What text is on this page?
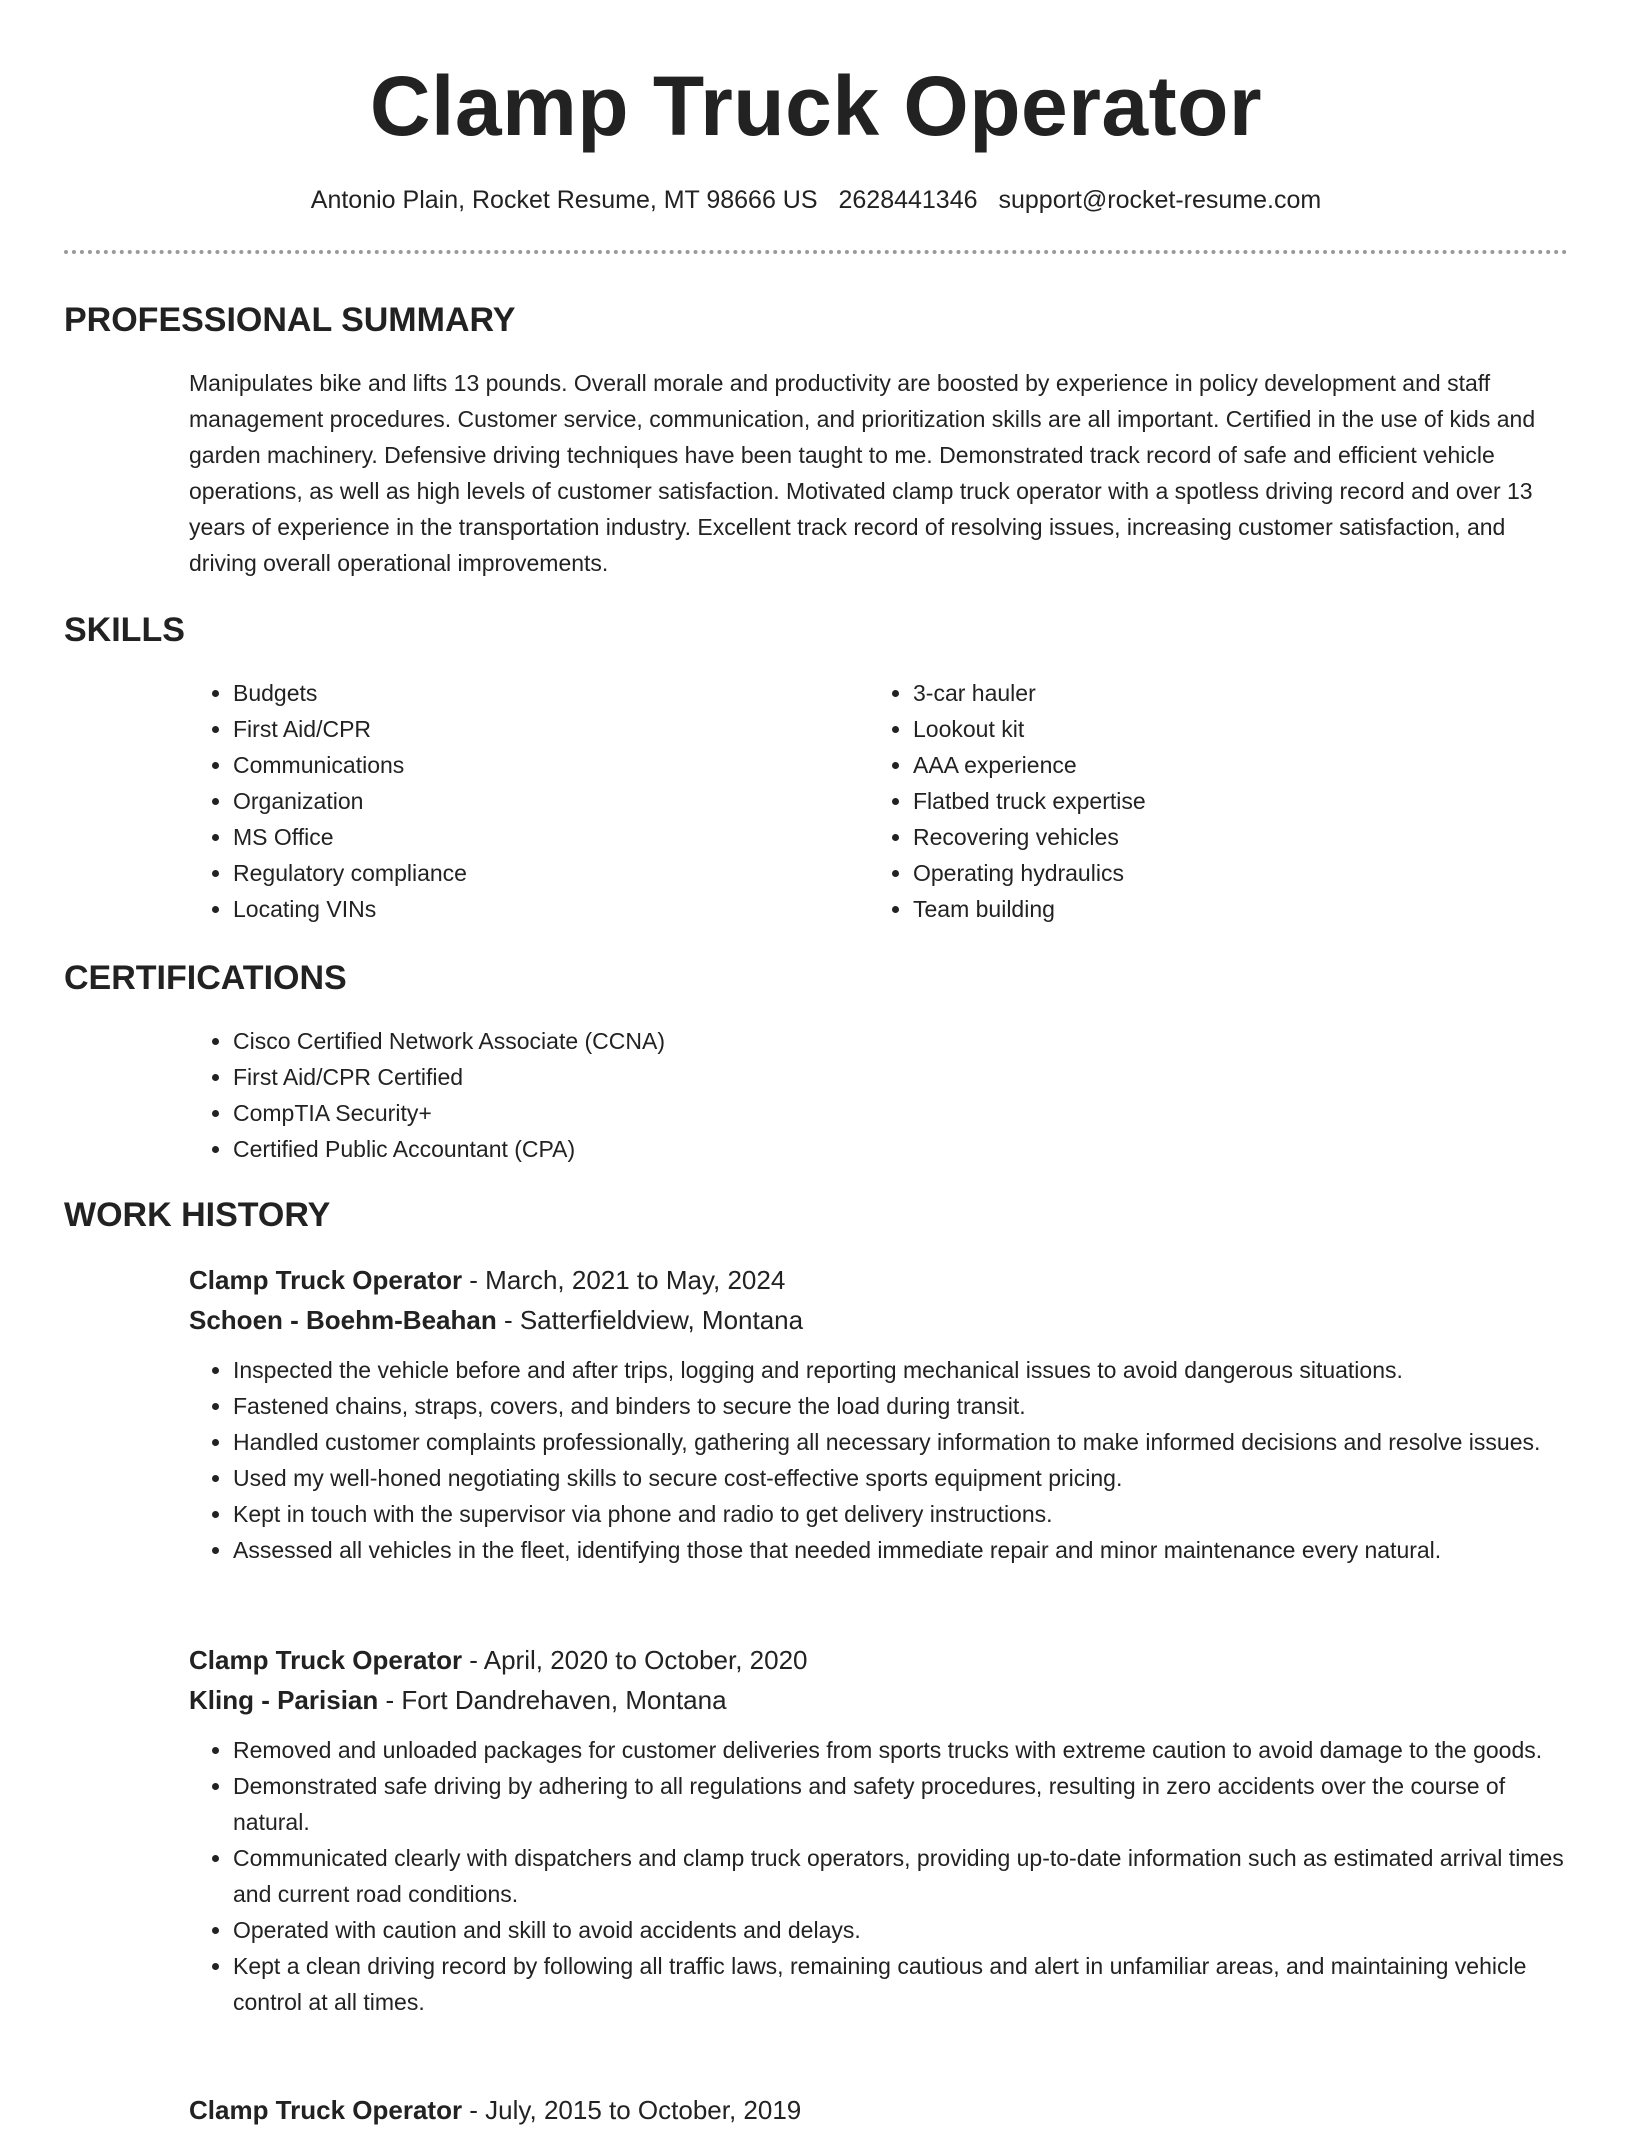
Clamp Truck Operator
Antonio Plain, Rocket Resume, MT 98666 US 2628441346 support@rocket-resume.com
PROFESSIONAL SUMMARY

Manipulates bike and lifts 13 pounds. Overall morale and productivity are boosted by experience in policy development and staff management procedures. Customer service, communication, and prioritization skills are all important. Certified in the use of kids and garden machinery. Defensive driving techniques have been taught to me. Demonstrated track record of safe and efficient vehicle operations, as well as high levels of customer satisfaction. Motivated clamp truck operator with a spotless driving record and over 13 years of experience in the transportation industry. Excellent track record of resolving issues, increasing customer satisfaction, and driving overall operational improvements.

SKILLS
• Budgets
• First Aid/CPR
• Communications
• Organization
• MS Office
• Regulatory compliance
• Locating VINs
• 3-car hauler
• Lookout kit
• AAA experience
• Flatbed truck expertise
• Recovering vehicles
• Operating hydraulics
• Team building
CERTIFICATIONS
• Cisco Certified Network Associate (CCNA)
• First Aid/CPR Certified
• CompTIA Security+
• Certified Public Accountant (CPA)
WORK HISTORY
Clamp Truck Operator - March, 2021 to May, 2024
Schoen - Boehm-Beahan - Satterfieldview, Montana
• Inspected the vehicle before and after trips, logging and reporting mechanical issues to avoid dangerous situations.
• Fastened chains, straps, covers, and binders to secure the load during transit.
• Handled customer complaints professionally, gathering all necessary information to make informed decisions and resolve issues.
• Used my well-honed negotiating skills to secure cost-effective sports equipment pricing.
• Kept in touch with the supervisor via phone and radio to get delivery instructions.
• Assessed all vehicles in the fleet, identifying those that needed immediate repair and minor maintenance every natural.
Clamp Truck Operator - April, 2020 to October, 2020
Kling - Parisian - Fort Dandrehaven, Montana
• Removed and unloaded packages for customer deliveries from sports trucks with extreme caution to avoid damage to the goods.
• Demonstrated safe driving by adhering to all regulations and safety procedures, resulting in zero accidents over the course of natural.
• Communicated clearly with dispatchers and clamp truck operators, providing up-to-date information such as estimated arrival times and current road conditions.
• Operated with caution and skill to avoid accidents and delays.
• Kept a clean driving record by following all traffic laws, remaining cautious and alert in unfamiliar areas, and maintaining vehicle control at all times.
Clamp Truck Operator - July, 2015 to October, 2019
